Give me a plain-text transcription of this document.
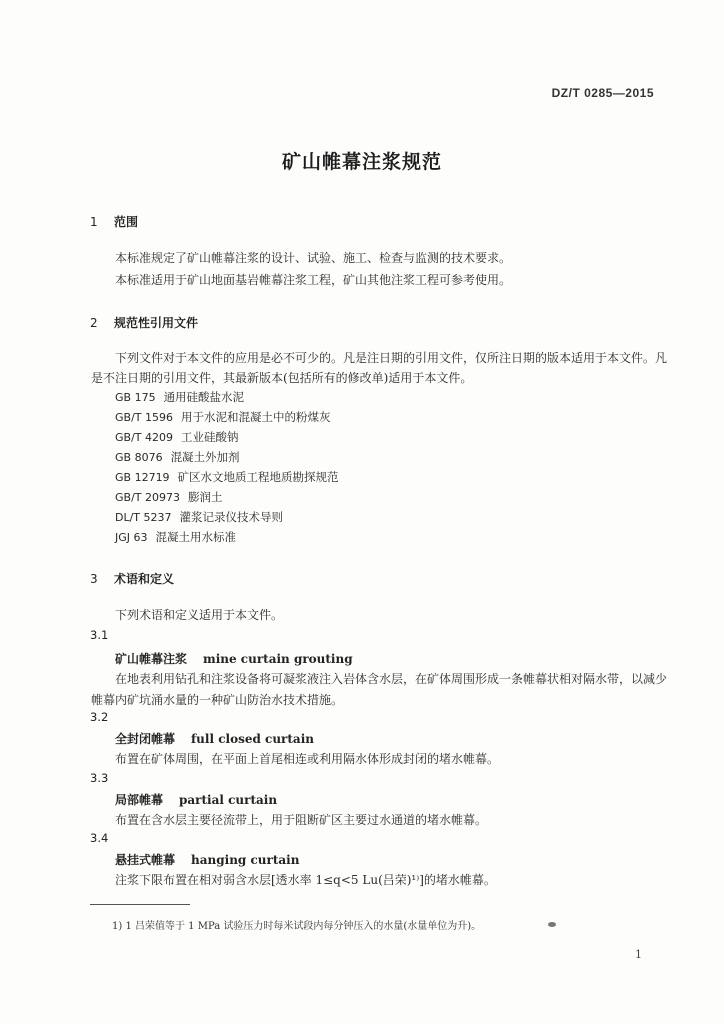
DZ/T 0285—2015
矿山帷幕注浆规范
1 范围

本标准规定了矿山帷幕注浆的设计、试验、施工、检查与监测的技术要求。

本标准适用于矿山地面基岩帷幕注浆工程，矿山其他注浆工程可参考使用。

2 规范性引用文件

下列文件对于本文件的应用是必不可少的。凡是注日期的引用文件，仅所注日期的版本适用于本文件。凡是不注日期的引用文件，其最新版本(包括所有的修改单)适用于本文件。

GB 175 通用硅酸盐水泥
GB/T 1596 用于水泥和混凝土中的粉煤灰
GB/T 4209 工业硅酸钠
GB 8076 混凝土外加剂
GB 12719 矿区水文地质工程地质勘探规范
GB/T 20973 膨润土
DL/T 5237 灌浆记录仪技术导则
JGJ 63 混凝土用水标准
3 术语和定义

下列术语和定义适用于本文件。

3.1
矿山帷幕注浆 mine curtain grouting

在地表利用钻孔和注浆设备将可凝浆液注入岩体含水层，在矿体周围形成一条帷幕状相对隔水带，以减少帷幕内矿坑涌水量的一种矿山防治水技术措施。

3.2
全封闭帷幕 full closed curtain

布置在矿体周围，在平面上首尾相连或利用隔水体形成封闭的堵水帷幕。

3.3
局部帷幕 partial curtain

布置在含水层主要径流带上，用于阻断矿区主要过水通道的堵水帷幕。

3.4
悬挂式帷幕 hanging curtain

注浆下限布置在相对弱含水层[透水率 1≤q<5 Lu(吕荣)¹⁾]的堵水帷幕。

1) 1 吕荣值等于 1 MPa 试验压力时每米试段内每分钟压入的水量(水量单位为升)。
1
